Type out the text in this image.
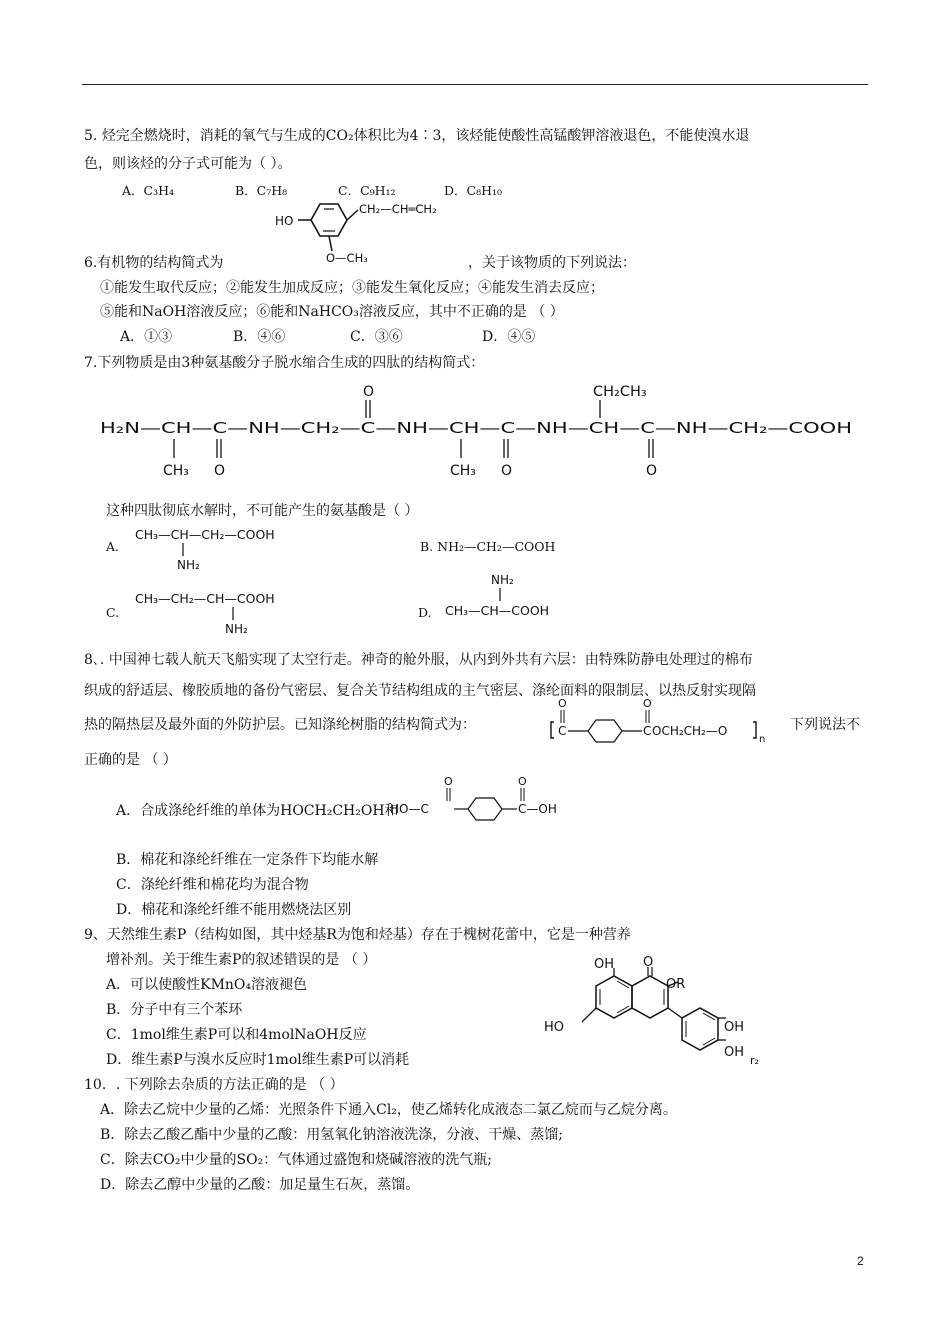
5. 烃完全燃烧时，消耗的氧气与生成的CO₂体积比为4∶3，该烃能使酸性高锰酸钾溶液退色，不能使溴水退
色，则该烃的分子式可能为（ ）。
A．C₃H₄	B．C₇H₈	C．C₉H₁₂	D．C₈H₁₀
HO
CH₂—CH═CH₂
O—CH₃
6.有机物的结构简式为	，关于该物质的下列说法：
①能发生取代反应；②能发生加成反应；③能发生氧化反应；④能发生消去反应；
⑤能和NaOH溶液反应；⑥能和NaHCO₃溶液反应，其中不正确的是 （ ）
A．①③	B．④⑥	C．③⑥	D．④⑤
7.下列物质是由3种氨基酸分子脱水缩合生成的四肽的结构简式：
H₂N—CH—C—NH—CH₂—C—NH—CH—C—NH—CH—C—NH—CH₂—COOH
O	CH₂CH₃
O	O	O
CH₃	CH₃
这种四肽彻底水解时，不可能产生的氨基酸是（ ）
A.
CH₃—CH—CH₂—COOH
NH₂
B. NH₂—CH₂—COOH
C.
CH₃—CH₂—CH—COOH
NH₂
D.
NH₂
CH₃—CH—COOH
8､. 中国神七载人航天飞船实现了太空行走。神奇的舱外服，从内到外共有六层：由特殊防静电处理过的棉布
织成的舒适层、橡胶质地的备份气密层、复合关节结构组成的主气密层、涤纶面料的限制层、以热反射实现隔
热的隔热层及最外面的外防护层。已知涤纶树脂的结构简式为：	C
O
C
O
OCH₂CH₂—O
n
下列说法不
正确的是 （ ）
A．合成涤纶纤维的单体为HOCH₂CH₂OH和
HO—C
O	O
C—OH
B．棉花和涤纶纤维在一定条件下均能水解
C．涤纶纤维和棉花均为混合物
D．棉花和涤纶纤维不能用燃烧法区别
9、天然维生素P（结构如图，其中烃基R为饱和烃基）存在于槐树花蕾中，它是一种营养
增补剂。关于维生素P的叙述错误的是 （ ）
A．可以使酸性KMnO₄溶液褪色
B．分子中有三个苯环
C．1mol维生素P可以和4molNaOH反应
D．维生素P与溴水反应时1mol维生素P可以消耗
OH O
OR
HO	OH
OH
r₂
10．. 下列除去杂质的方法正确的是 （ ）
A．除去乙烷中少量的乙烯：光照条件下通入Cl₂，使乙烯转化成液态二氯乙烷而与乙烷分离。
B．除去乙酸乙酯中少量的乙酸：用氢氧化钠溶液洗涤，分液、干燥、蒸馏;
C．除去CO₂中少量的SO₂：气体通过盛饱和烧碱溶液的洗气瓶;
D．除去乙醇中少量的乙酸：加足量生石灰，蒸馏。
2
